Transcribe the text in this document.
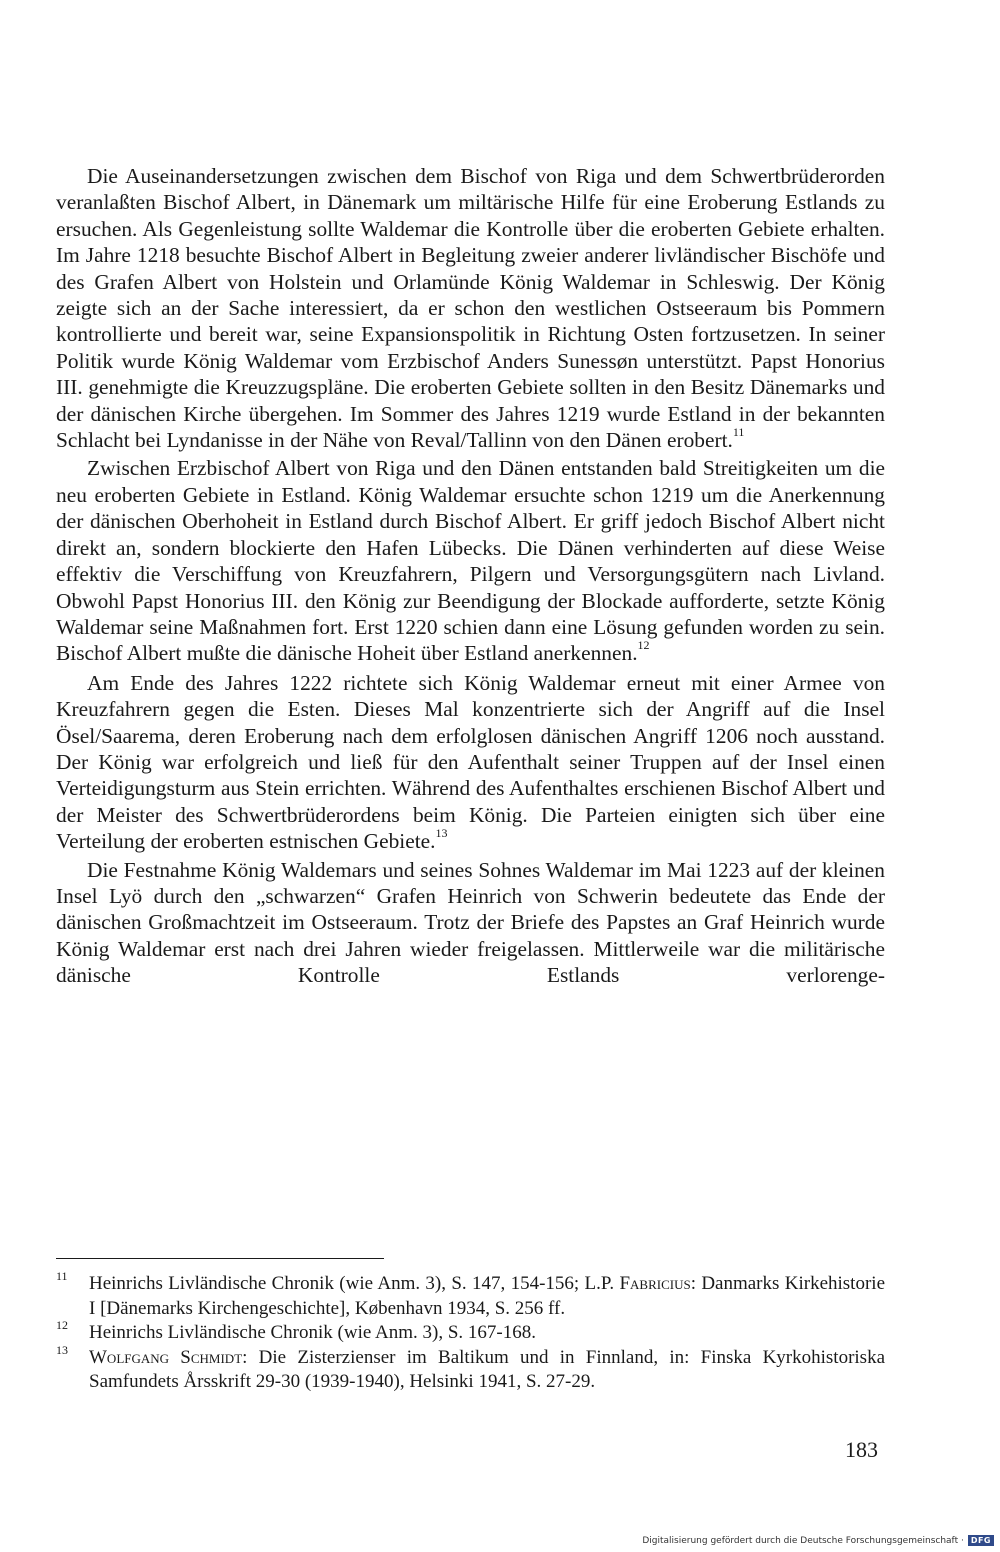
Die Auseinandersetzungen zwischen dem Bischof von Riga und dem Schwertbrüderorden veranlaßten Bischof Albert, in Dänemark um miltärische Hilfe für eine Eroberung Estlands zu ersuchen. Als Gegenleistung sollte Waldemar die Kontrolle über die eroberten Gebiete erhalten. Im Jahre 1218 besuchte Bischof Albert in Begleitung zweier anderer livländischer Bischöfe und des Grafen Albert von Holstein und Orlamünde König Waldemar in Schleswig. Der König zeigte sich an der Sache interessiert, da er schon den westlichen Ostseeraum bis Pommern kontrollierte und bereit war, seine Expansionspolitik in Richtung Osten fortzusetzen. In seiner Politik wurde König Waldemar vom Erzbischof Anders Sunessøn unterstützt. Papst Honorius III. genehmigte die Kreuzzugspläne. Die eroberten Gebiete sollten in den Besitz Dänemarks und der dänischen Kirche übergehen. Im Sommer des Jahres 1219 wurde Estland in der bekannten Schlacht bei Lyndanisse in der Nähe von Reval/Tallinn von den Dänen erobert.$^{11}$

Zwischen Erzbischof Albert von Riga und den Dänen entstanden bald Streitigkeiten um die neu eroberten Gebiete in Estland. König Waldemar ersuchte schon 1219 um die Anerkennung der dänischen Oberhoheit in Estland durch Bischof Albert. Er griff jedoch Bischof Albert nicht direkt an, sondern blockierte den Hafen Lübecks. Die Dänen verhinderten auf diese Weise effektiv die Verschiffung von Kreuzfahrern, Pilgern und Versorgungsgütern nach Livland. Obwohl Papst Honorius III. den König zur Beendigung der Blockade aufforderte, setzte König Waldemar seine Maßnahmen fort. Erst 1220 schien dann eine Lösung gefunden worden zu sein. Bischof Albert mußte die dänische Hoheit über Estland anerkennen.$^{12}$

Am Ende des Jahres 1222 richtete sich König Waldemar erneut mit einer Armee von Kreuzfahrern gegen die Esten. Dieses Mal konzentrierte sich der Angriff auf die Insel Ösel/Saarema, deren Eroberung nach dem erfolglosen dänischen Angriff 1206 noch ausstand. Der König war erfolgreich und ließ für den Aufenthalt seiner Truppen auf der Insel einen Verteidigungsturm aus Stein errichten. Während des Aufenthaltes erschienen Bischof Albert und der Meister des Schwertbrüderordens beim König. Die Parteien einigten sich über eine Verteilung der eroberten estnischen Gebiete.$^{13}$

Die Festnahme König Waldemars und seines Sohnes Waldemar im Mai 1223 auf der kleinen Insel Lyö durch den „schwarzen“ Grafen Heinrich von Schwerin bedeutete das Ende der dänischen Großmachtzeit im Ostseeraum. Trotz der Briefe des Papstes an Graf Heinrich wurde König Waldemar erst nach drei Jahren wieder freigelassen. Mittlerweile war die militärische dänische Kontrolle Estlands verlorenge-

11 Heinrichs Livländische Chronik (wie Anm. 3), S. 147, 154-156; L.P. Fabricius: Danmarks Kirkehistorie I [Dänemarks Kirchengeschichte], København 1934, S. 256 ff.
12 Heinrichs Livländische Chronik (wie Anm. 3), S. 167-168.
13 Wolfgang Schmidt: Die Zisterzienser im Baltikum und in Finnland, in: Finska Kyrkohistoriska Samfundets Årsskrift 29-30 (1939-1940), Helsinki 1941, S. 27-29.
183
Digitalisierung gefördert durch die Deutsche Forschungsgemeinschaft · DFG
